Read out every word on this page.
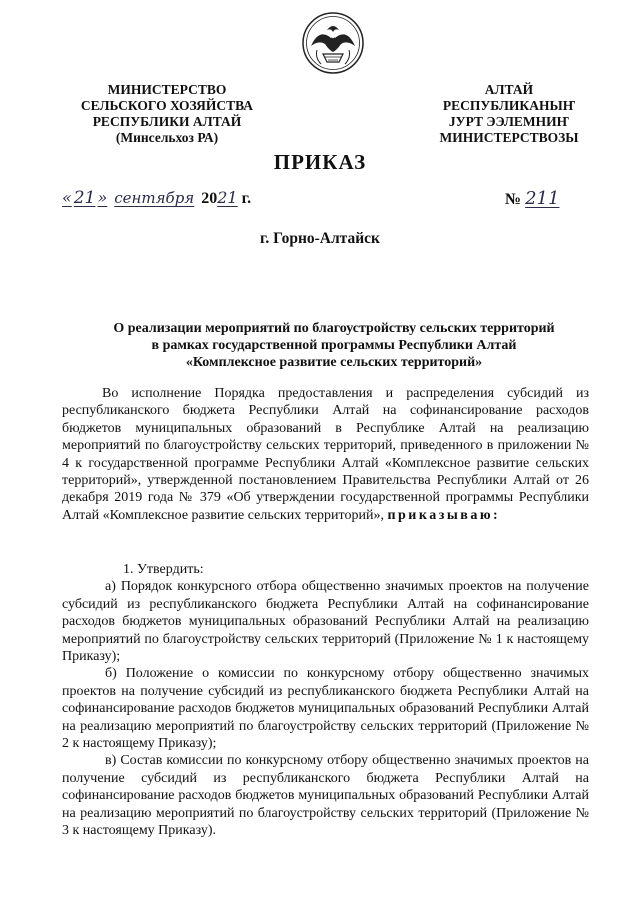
МИНИСТЕРСТВО
СЕЛЬСКОГО ХОЗЯЙСТВА
РЕСПУБЛИКИ АЛТАЙ
(Минсельхоз РА)
АЛТАЙ
РЕСПУБЛИКАНЫҤ
ЈУРТ ЭЭЛЕМНИҤ
МИНИСТЕРСТВОЗЫ
ПРИКАЗ
« 21 » сентября 2021 г.	№ 211
г. Горно-Алтайск
О реализации мероприятий по благоустройству сельских территорий
в рамках государственной программы Республики Алтай
«Комплексное развитие сельских территорий»

Во исполнение Порядка предоставления и распределения субсидий из республиканского бюджета Республики Алтай на софинансирование расходов бюджетов муниципальных образований в Республике Алтай на реализацию мероприятий по благоустройству сельских территорий, приведенного в приложении № 4 к государственной программе Республики Алтай «Комплексное развитие сельских территорий», утвержденной постановлением Правительства Республики Алтай от 26 декабря 2019 года № 379 «Об утверждении государственной программы Республики Алтай «Комплексное развитие сельских территорий», приказываю:

1. Утвердить:

а) Порядок конкурсного отбора общественно значимых проектов на получение субсидий из республиканского бюджета Республики Алтай на софинансирование расходов бюджетов муниципальных образований Республики Алтай на реализацию мероприятий по благоустройству сельских территорий (Приложение № 1 к настоящему Приказу);

б) Положение о комиссии по конкурсному отбору общественно значимых проектов на получение субсидий из республиканского бюджета Республики Алтай на софинансирование расходов бюджетов муниципальных образований Республики Алтай на реализацию мероприятий по благоустройству сельских территорий (Приложение № 2 к настоящему Приказу);

в) Состав комиссии по конкурсному отбору общественно значимых проектов на получение субсидий из республиканского бюджета Республики Алтай на софинансирование расходов бюджетов муниципальных образований Республики Алтай на реализацию мероприятий по благоустройству сельских территорий (Приложение № 3 к настоящему Приказу).
